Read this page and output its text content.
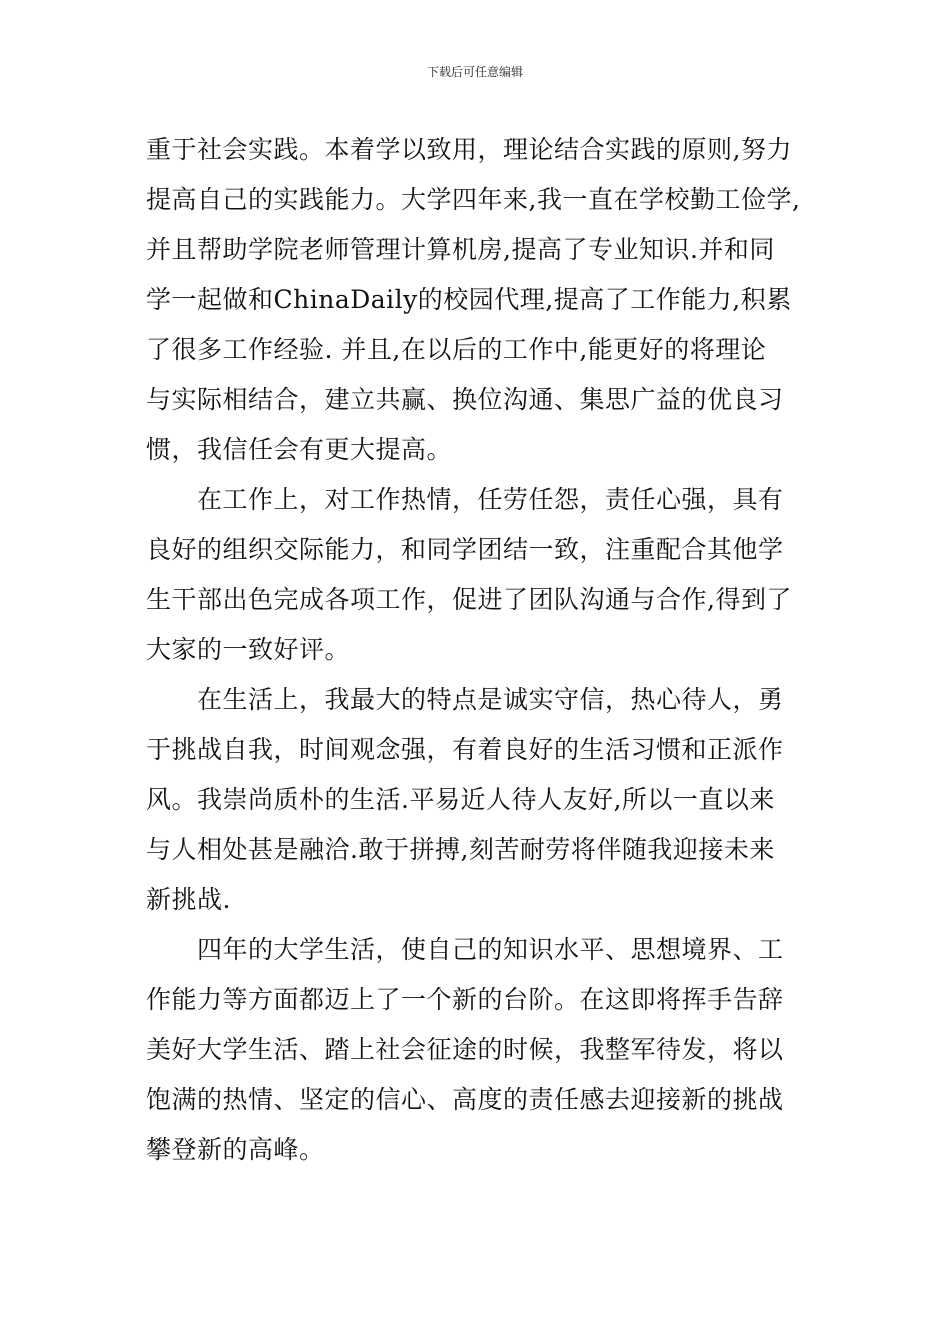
下载后可任意编辑
重于社会实践。本着学以致用，理论结合实践的原则,努力
提高自己的实践能力。大学四年来,我一直在学校勤工俭学,
并且帮助学院老师管理计算机房,提高了专业知识.并和同
学一起做和ChinaDaily的校园代理,提高了工作能力,积累
了很多工作经验. 并且,在以后的工作中,能更好的将理论
与实际相结合，建立共赢、换位沟通、集思广益的优良习
惯，我信任会有更大提高。
　　在工作上，对工作热情，任劳任怨，责任心强，具有
良好的组织交际能力，和同学团结一致，注重配合其他学
生干部出色完成各项工作，促进了团队沟通与合作,得到了
大家的一致好评。
　　在生活上，我最大的特点是诚实守信，热心待人，勇
于挑战自我，时间观念强，有着良好的生活习惯和正派作
风。我崇尚质朴的生活.平易近人待人友好,所以一直以来
与人相处甚是融洽.敢于拼搏,刻苦耐劳将伴随我迎接未来
新挑战.
　　四年的大学生活，使自己的知识水平、思想境界、工
作能力等方面都迈上了一个新的台阶。在这即将挥手告辞
美好大学生活、踏上社会征途的时候，我整军待发，将以
饱满的热情、坚定的信心、高度的责任感去迎接新的挑战
攀登新的高峰。
